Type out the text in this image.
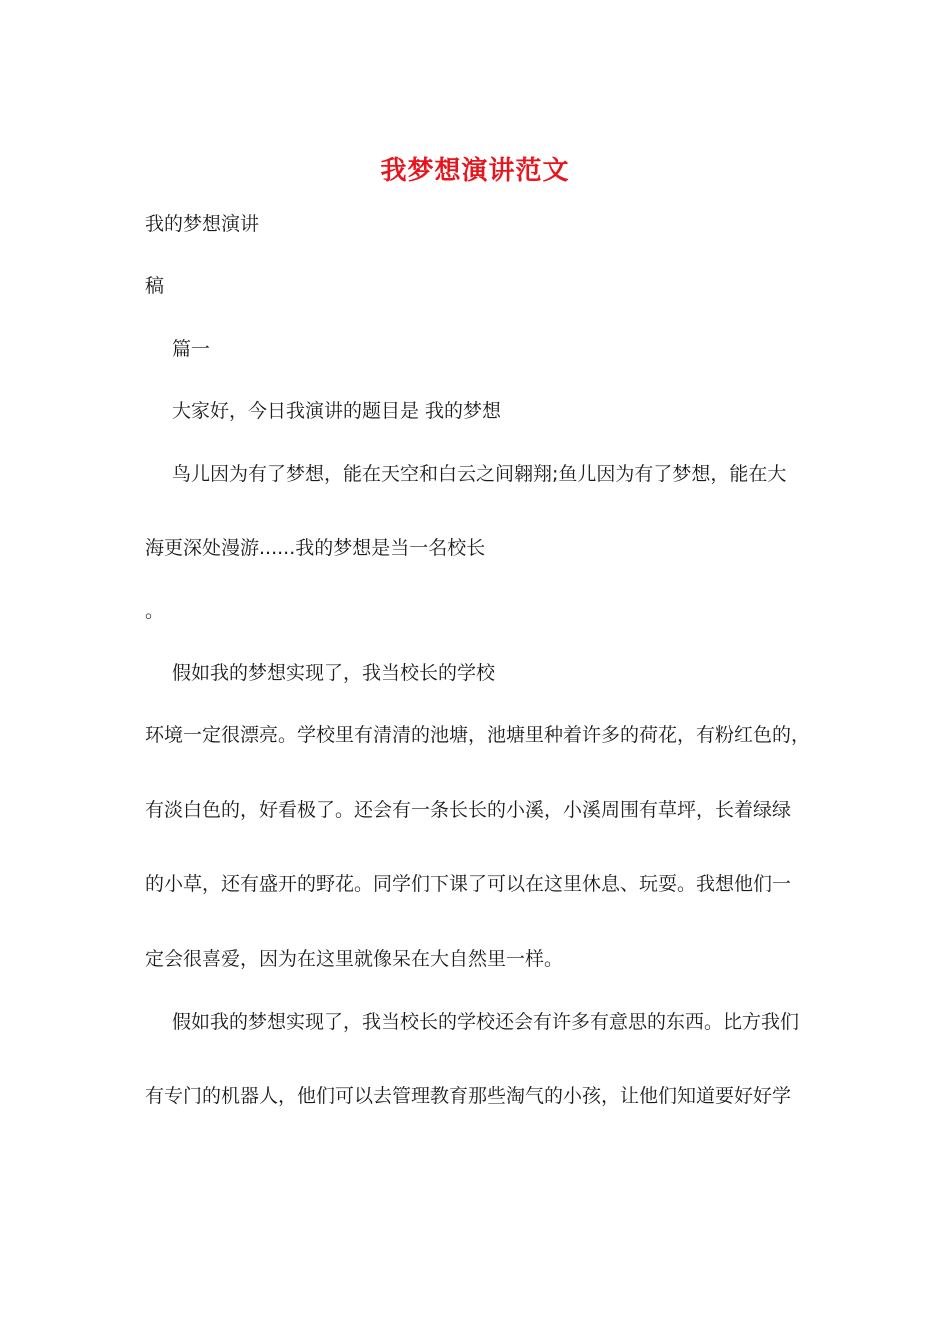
我梦想演讲范文
我的梦想演讲
稿
篇一
大家好，今日我演讲的题目是 我的梦想
鸟儿因为有了梦想，能在天空和白云之间翱翔;鱼儿因为有了梦想，能在大
海更深处漫游......我的梦想是当一名校长
。
假如我的梦想实现了，我当校长的学校
环境一定很漂亮。学校里有清清的池塘，池塘里种着许多的荷花，有粉红色的，
有淡白色的，好看极了。还会有一条长长的小溪，小溪周围有草坪，长着绿绿
的小草，还有盛开的野花。同学们下课了可以在这里休息、玩耍。我想他们一
定会很喜爱，因为在这里就像呆在大自然里一样。
假如我的梦想实现了，我当校长的学校还会有许多有意思的东西。比方我们
有专门的机器人，他们可以去管理教育那些淘气的小孩，让他们知道要好好学
